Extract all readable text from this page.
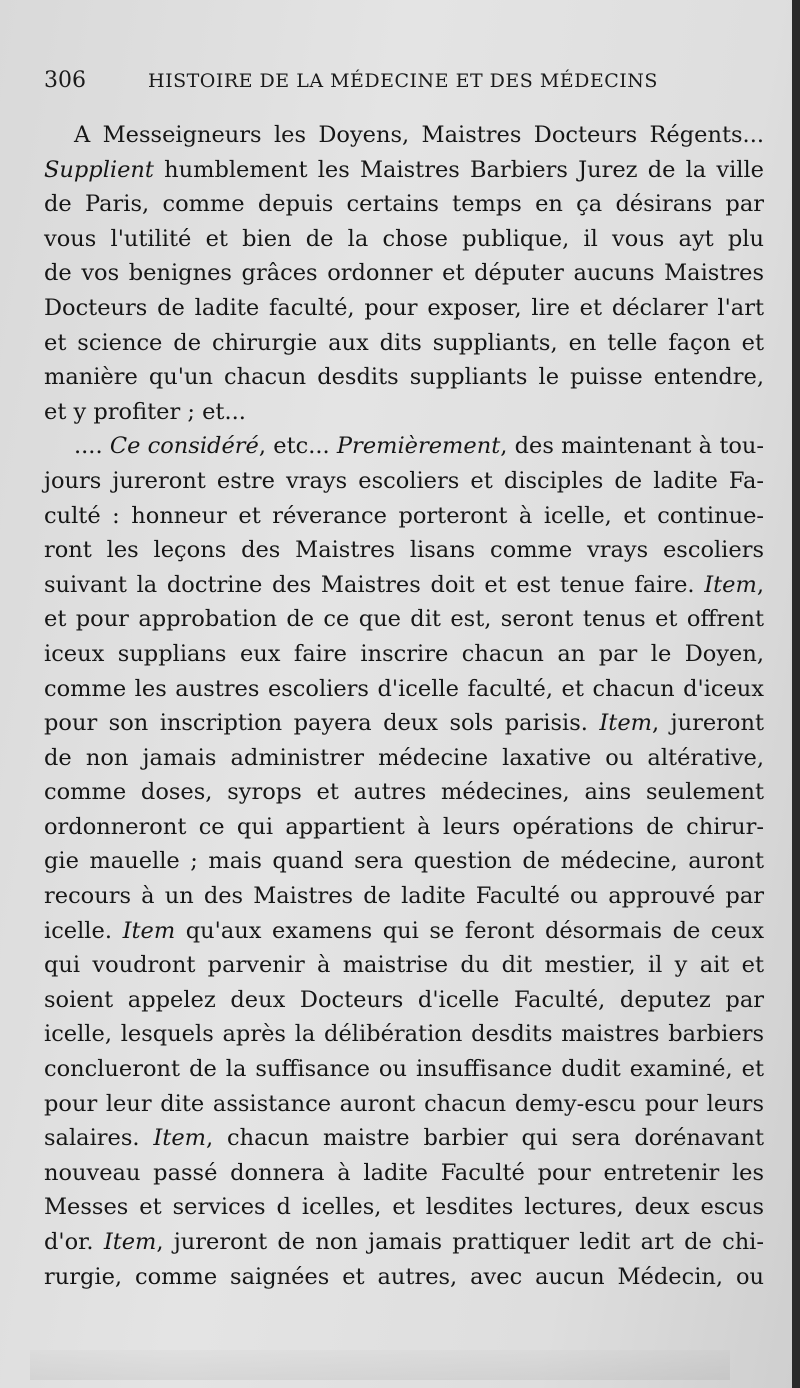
306	HISTOIRE DE LA MÉDECINE ET DES MÉDECINS
A Messeigneurs les Doyens, Maistres Docteurs Régents...
Supplient humblement les Maistres Barbiers Jurez de la ville
de Paris, comme depuis certains temps en ça désirans par
vous l'utilité et bien de la chose publique, il vous ayt plu
de vos benignes grâces ordonner et députer aucuns Maistres
Docteurs de ladite faculté, pour exposer, lire et déclarer l'art
et science de chirurgie aux dits suppliants, en telle façon et
manière qu'un chacun desdits suppliants le puisse entendre,
et y profiter ; et...
.... Ce considéré, etc... Premièrement, des maintenant à tou-
jours jureront estre vrays escoliers et disciples de ladite Fa-
culté : honneur et réverance porteront à icelle, et continue-
ront les leçons des Maistres lisans comme vrays escoliers
suivant la doctrine des Maistres doit et est tenue faire. Item,
et pour approbation de ce que dit est, seront tenus et offrent
iceux supplians eux faire inscrire chacun an par le Doyen,
comme les austres escoliers d'icelle faculté, et chacun d'iceux
pour son inscription payera deux sols parisis. Item, jureront
de non jamais administrer médecine laxative ou altérative,
comme doses, syrops et autres médecines, ains seulement
ordonneront ce qui appartient à leurs opérations de chirur-
gie mauelle ; mais quand sera question de médecine, auront
recours à un des Maistres de ladite Faculté ou approuvé par
icelle. Item qu'aux examens qui se feront désormais de ceux
qui voudront parvenir à maistrise du dit mestier, il y ait et
soient appelez deux Docteurs d'icelle Faculté, deputez par
icelle, lesquels après la délibération desdits maistres barbiers
conclueront de la suffisance ou insuffisance dudit examiné, et
pour leur dite assistance auront chacun demy-escu pour leurs
salaires. Item, chacun maistre barbier qui sera dorénavant
nouveau passé donnera à ladite Faculté pour entretenir les
Messes et services d icelles, et lesdites lectures, deux escus
d'or. Item, jureront de non jamais prattiquer ledit art de chi-
rurgie, comme saignées et autres, avec aucun Médecin, ou
